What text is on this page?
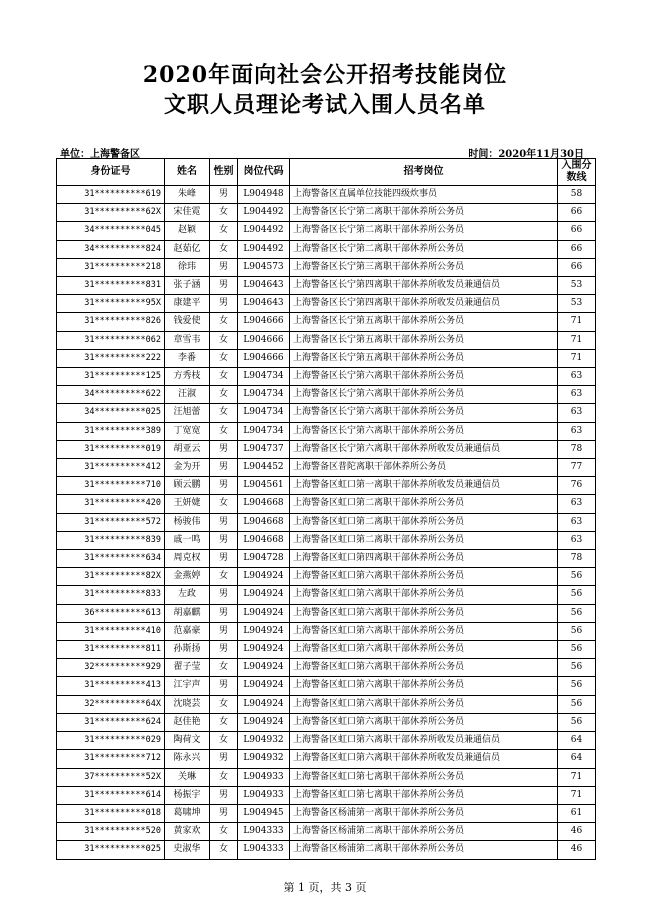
2020年面向社会公开招考技能岗位
文职人员理论考试入围人员名单
单位：上海警备区	时间：2020年11月30日
身份证号	姓名	性别	岗位代码	招考岗位	入围分数线
31**********619	朱峰	男	L904948	上海警备区直属单位技能四级炊事员	58
31**********62X	宋佳霓	女	L904492	上海警备区长宁第二离职干部休养所公务员	66
34**********045	赵颖	女	L904492	上海警备区长宁第二离职干部休养所公务员	66
34**********824	赵茹亿	女	L904492	上海警备区长宁第二离职干部休养所公务员	66
31**********218	徐玮	男	L904573	上海警备区长宁第三离职干部休养所公务员	66
31**********831	张子涵	男	L904643	上海警备区长宁第四离职干部休养所收发员兼通信员	53
31**********95X	康建平	男	L904643	上海警备区长宁第四离职干部休养所收发员兼通信员	53
31**********826	钱爱使	女	L904666	上海警备区长宁第五离职干部休养所公务员	71
31**********062	章雪韦	女	L904666	上海警备区长宁第五离职干部休养所公务员	71
31**********222	李番	女	L904666	上海警备区长宁第五离职干部休养所公务员	71
31**********125	方秀枝	女	L904734	上海警备区长宁第六离职干部休养所公务员	63
34**********622	汪淑	女	L904734	上海警备区长宁第六离职干部休养所公务员	63
34**********025	汪旭蕾	女	L904734	上海警备区长宁第六离职干部休养所公务员	63
31**********389	丁宽宽	女	L904734	上海警备区长宁第六离职干部休养所公务员	63
31**********019	胡亚云	男	L904737	上海警备区长宁第六离职干部休养所收发员兼通信员	78
31**********412	金为开	男	L904452	上海警备区普陀离职干部休养所公务员	77
31**********710	顾云鹏	男	L904561	上海警备区虹口第一离职干部休养所收发员兼通信员	76
31**********420	王妍婕	女	L904668	上海警备区虹口第二离职干部休养所公务员	63
31**********572	杨骏伟	男	L904668	上海警备区虹口第二离职干部休养所公务员	63
31**********839	戚一鸣	男	L904668	上海警备区虹口第二离职干部休养所公务员	63
31**********634	周克权	男	L904728	上海警备区虹口第四离职干部休养所公务员	78
31**********82X	金燕婷	女	L904924	上海警备区虹口第六离职干部休养所公务员	56
31**********833	左政	男	L904924	上海警备区虹口第六离职干部休养所公务员	56
36**********613	胡嘉麒	男	L904924	上海警备区虹口第六离职干部休养所公务员	56
31**********410	范嘉豪	男	L904924	上海警备区虹口第六离职干部休养所公务员	56
31**********811	孙斯扬	男	L904924	上海警备区虹口第六离职干部休养所公务员	56
32**********929	翟子莹	女	L904924	上海警备区虹口第六离职干部休养所公务员	56
31**********413	江宇声	男	L904924	上海警备区虹口第六离职干部休养所公务员	56
32**********64X	沈晓芸	女	L904924	上海警备区虹口第六离职干部休养所公务员	56
31**********624	赵佳艳	女	L904924	上海警备区虹口第六离职干部休养所公务员	56
31**********029	陶荷文	女	L904932	上海警备区虹口第六离职干部休养所收发员兼通信员	64
31**********712	陈永兴	男	L904932	上海警备区虹口第六离职干部休养所收发员兼通信员	64
37**********52X	关琳	女	L904933	上海警备区虹口第七离职干部休养所公务员	71
31**********614	杨振宇	男	L904933	上海警备区虹口第七离职干部休养所公务员	71
31**********018	葛啸坤	男	L904945	上海警备区杨浦第一离职干部休养所公务员	61
31**********520	黄家欢	女	L904333	上海警备区杨浦第二离职干部休养所公务员	46
31**********025	史淑华	女	L904333	上海警备区杨浦第二离职干部休养所公务员	46
第 1 页，共 3 页
